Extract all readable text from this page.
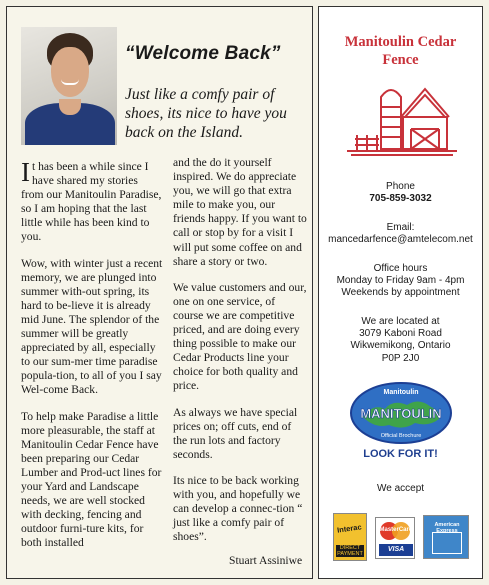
“Welcome Back”
Just like a comfy pair of shoes, its nice to have you back on the Island.

It has been a while since I have shared my stories from our Manitoulin Paradise, so I am hoping that the last little while has been kind to you.

Wow, with winter just a recent memory, we are plunged into summer with-out spring, its hard to be-lieve it is already mid June. The splendor of the summer will be greatly appreciated by all, especially to our sum-mer time paradise popula-tion, to all of you I say Wel-come Back.

To help make Paradise a little more pleasurable, the staff at Manitoulin Cedar Fence have been preparing our Cedar Lumber and Prod-uct lines for your Yard and Landscape needs, we are well stocked with decking, fencing and outdoor furni-ture kits, for both installed

and the do it yourself inspired. We do appreciate you, we will go that extra mile to make you, our friends happy. If you want to call or stop by for a visit I will put some coffee on and share a story or two.

We value customers and our, one on one service, of course we are competitive priced, and are doing every thing possible to make our Cedar Products line your choice for both quality and price.

As always we have special prices on; off cuts, end of the run lots and factory seconds.

Its nice to be back working with you, and hopefully we can develop a connec-tion “ just like a comfy pair of shoes”.

Stuart Assiniwe
Manitoulin Cedar
Fence
Phone
705-859-3032
Email:
mancedarfence@amtelecom.net
Office hours
Monday to Friday 9am - 4pm
Weekends by appointment
We are located at
3079 Kaboni Road
Wikwemikong, Ontario
P0P 2J0
Manitoulin
MANITOULIN
Official Brochure
LOOK FOR IT!
We accept
Interac
DIRECT
PAYMENT
MasterCard
VISA
American Express
